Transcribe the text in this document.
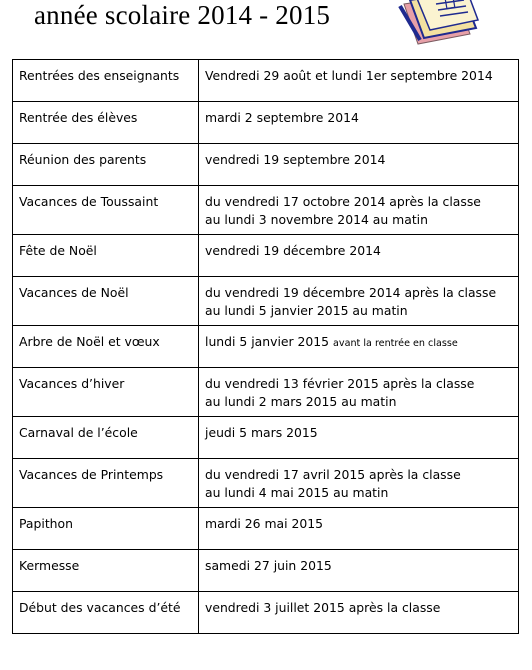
année scolaire 2014 - 2015
Rentrées des enseignants	Vendredi 29 août et lundi 1er septembre 2014

Rentrée des élèves	mardi 2 septembre 2014

Réunion des parents	vendredi 19 septembre 2014

Vacances de Toussaint	du vendredi 17 octobre 2014 après la classe
au lundi 3 novembre 2014 au matin

Fête de Noël	vendredi 19 décembre 2014

Vacances de Noël	du vendredi 19 décembre 2014 après la classe
au lundi 5 janvier 2015 au matin

Arbre de Noël et vœux	lundi 5 janvier 2015 avant la rentrée en classe

Vacances d’hiver	du vendredi 13 février 2015 après la classe
au lundi 2 mars 2015 au matin

Carnaval de l’école	jeudi 5 mars 2015

Vacances de Printemps	du vendredi 17 avril 2015 après la classe
au lundi 4 mai 2015 au matin

Papithon	mardi 26 mai 2015

Kermesse	samedi 27 juin 2015

Début des vacances d’été	vendredi 3 juillet 2015 après la classe
